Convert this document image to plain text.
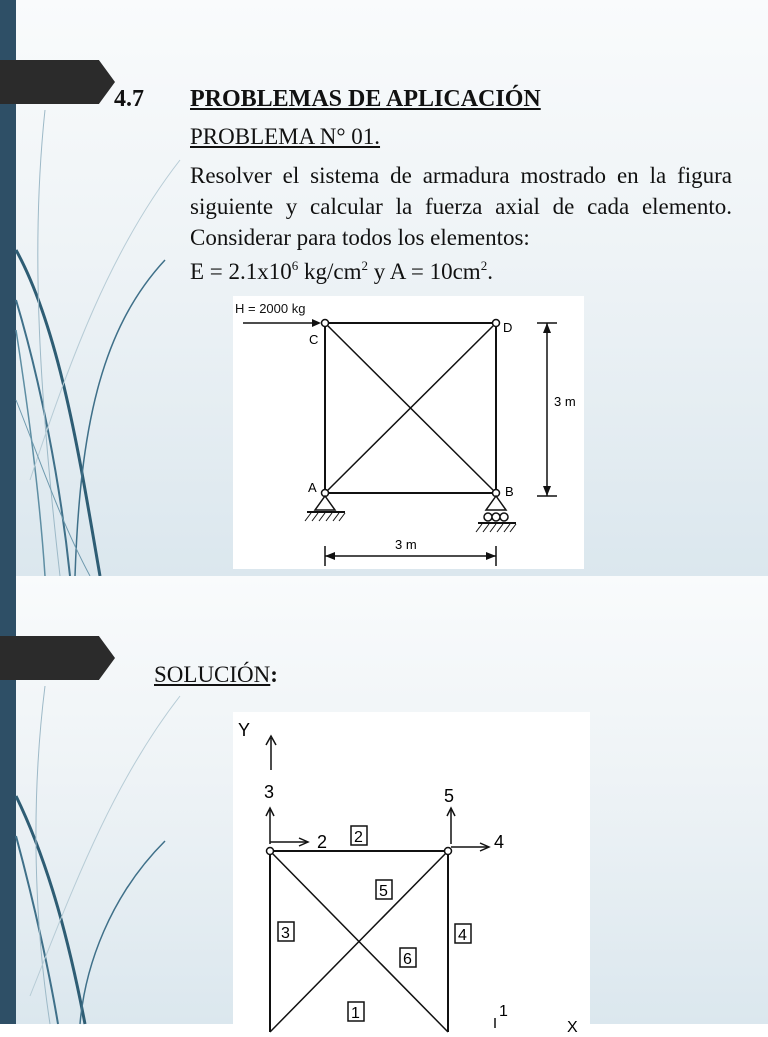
4.7 PROBLEMAS DE APLICACIÓN
PROBLEMA N° 01.
Resolver el sistema de armadura mostrado en la figura siguiente y calcular la fuerza axial de cada elemento. Considerar para todos los elementos:
$E = 2.1x10^6$ $kg/cm^2$ y $A = 10cm^2$.
H = 2000 kg
C
D
A	B
3 m
3 m
SOLUCIÓN:
Y
3
2
5
4
2
5
3	4
6
1	1
X
